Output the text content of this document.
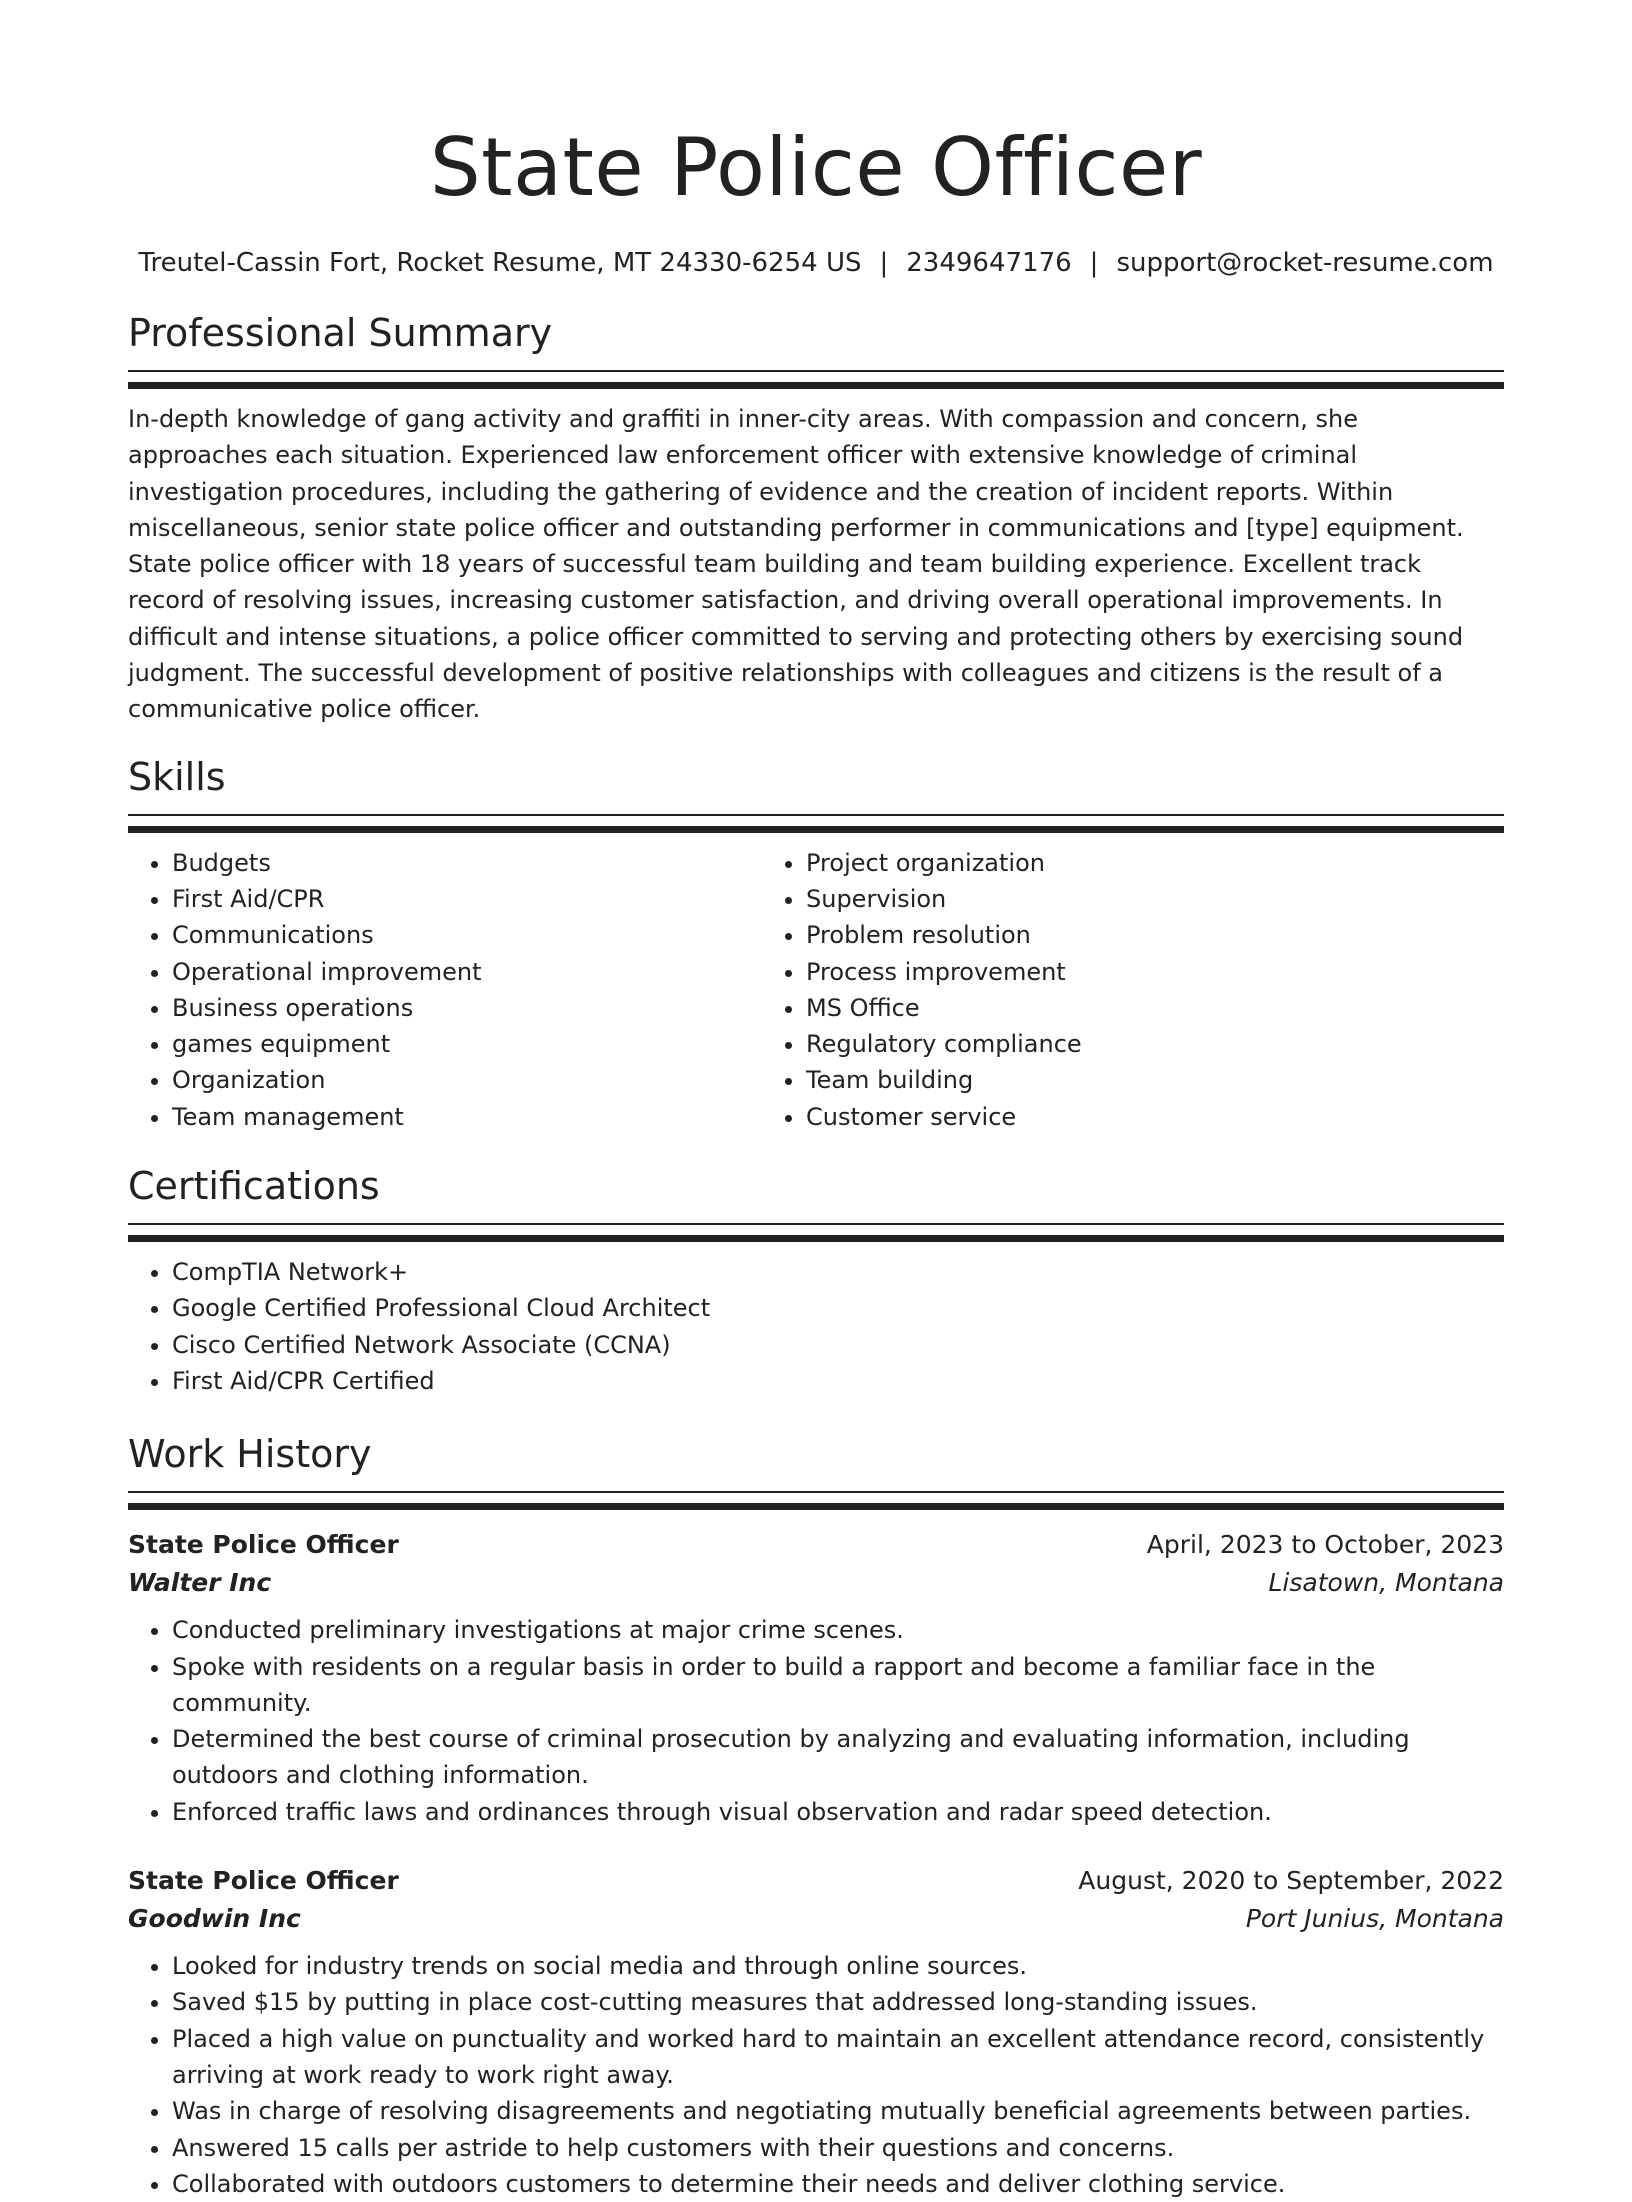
State Police Officer
Treutel-Cassin Fort, Rocket Resume, MT 24330-6254 US | 2349647176 | support@rocket-resume.com
Professional Summary

In-depth knowledge of gang activity and graffiti in inner-city areas. With compassion and concern, she approaches each situation. Experienced law enforcement officer with extensive knowledge of criminal investigation procedures, including the gathering of evidence and the creation of incident reports. Within miscellaneous, senior state police officer and outstanding performer in communications and [type] equipment. State police officer with 18 years of successful team building and team building experience. Excellent track record of resolving issues, increasing customer satisfaction, and driving overall operational improvements. In difficult and intense situations, a police officer committed to serving and protecting others by exercising sound judgment. The successful development of positive relationships with colleagues and citizens is the result of a communicative police officer.

Skills
• Budgets
• First Aid/CPR
• Communications
• Operational improvement
• Business operations
• games equipment
• Organization
• Team management
• Project organization
• Supervision
• Problem resolution
• Process improvement
• MS Office
• Regulatory compliance
• Team building
• Customer service
Certifications
• CompTIA Network+
• Google Certified Professional Cloud Architect
• Cisco Certified Network Associate (CCNA)
• First Aid/CPR Certified
Work History
State Police Officer	April, 2023 to October, 2023
Walter Inc	Lisatown, Montana
• Conducted preliminary investigations at major crime scenes.
• Spoke with residents on a regular basis in order to build a rapport and become a familiar face in the community.
• Determined the best course of criminal prosecution by analyzing and evaluating information, including outdoors and clothing information.
• Enforced traffic laws and ordinances through visual observation and radar speed detection.
State Police Officer	August, 2020 to September, 2022
Goodwin Inc	Port Junius, Montana
• Looked for industry trends on social media and through online sources.
• Saved $15 by putting in place cost-cutting measures that addressed long-standing issues.
• Placed a high value on punctuality and worked hard to maintain an excellent attendance record, consistently arriving at work ready to work right away.
• Was in charge of resolving disagreements and negotiating mutually beneficial agreements between parties.
• Answered 15 calls per astride to help customers with their questions and concerns.
• Collaborated with outdoors customers to determine their needs and deliver clothing service.
